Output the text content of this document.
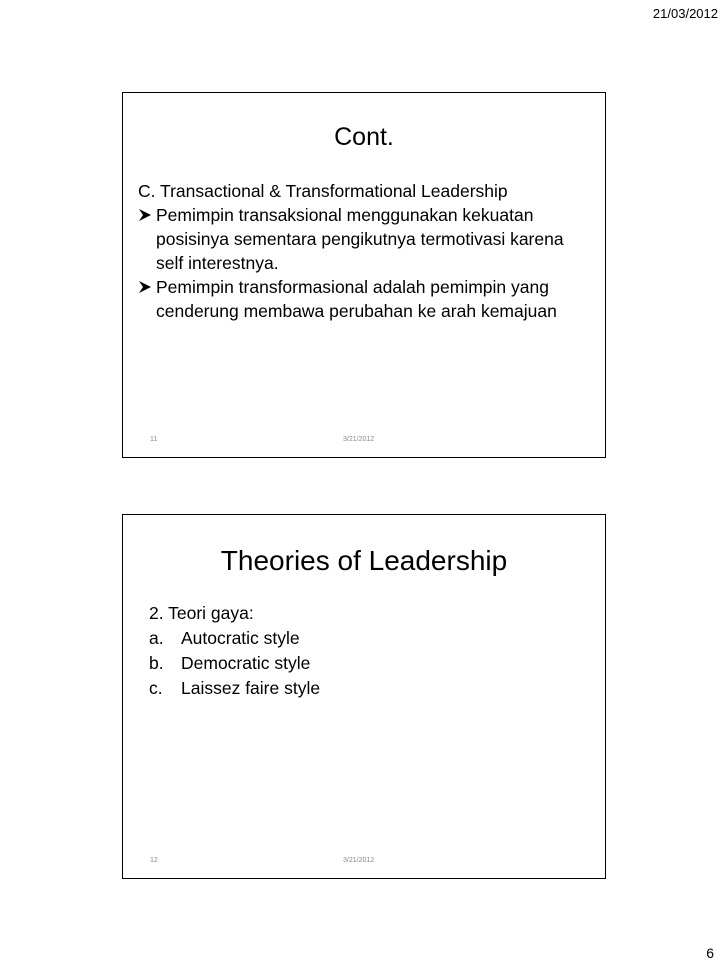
21/03/2012
Cont.
C. Transactional & Transformational Leadership
Pemimpin transaksional menggunakan kekuatan posisinya sementara pengikutnya termotivasi karena self interestnya.
Pemimpin transformasional adalah pemimpin yang cenderung membawa perubahan ke arah kemajuan
11	3/21/2012
Theories of Leadership
2. Teori gaya:
a. Autocratic style
b. Democratic style
c.	Laissez faire style
12	3/21/2012
6
